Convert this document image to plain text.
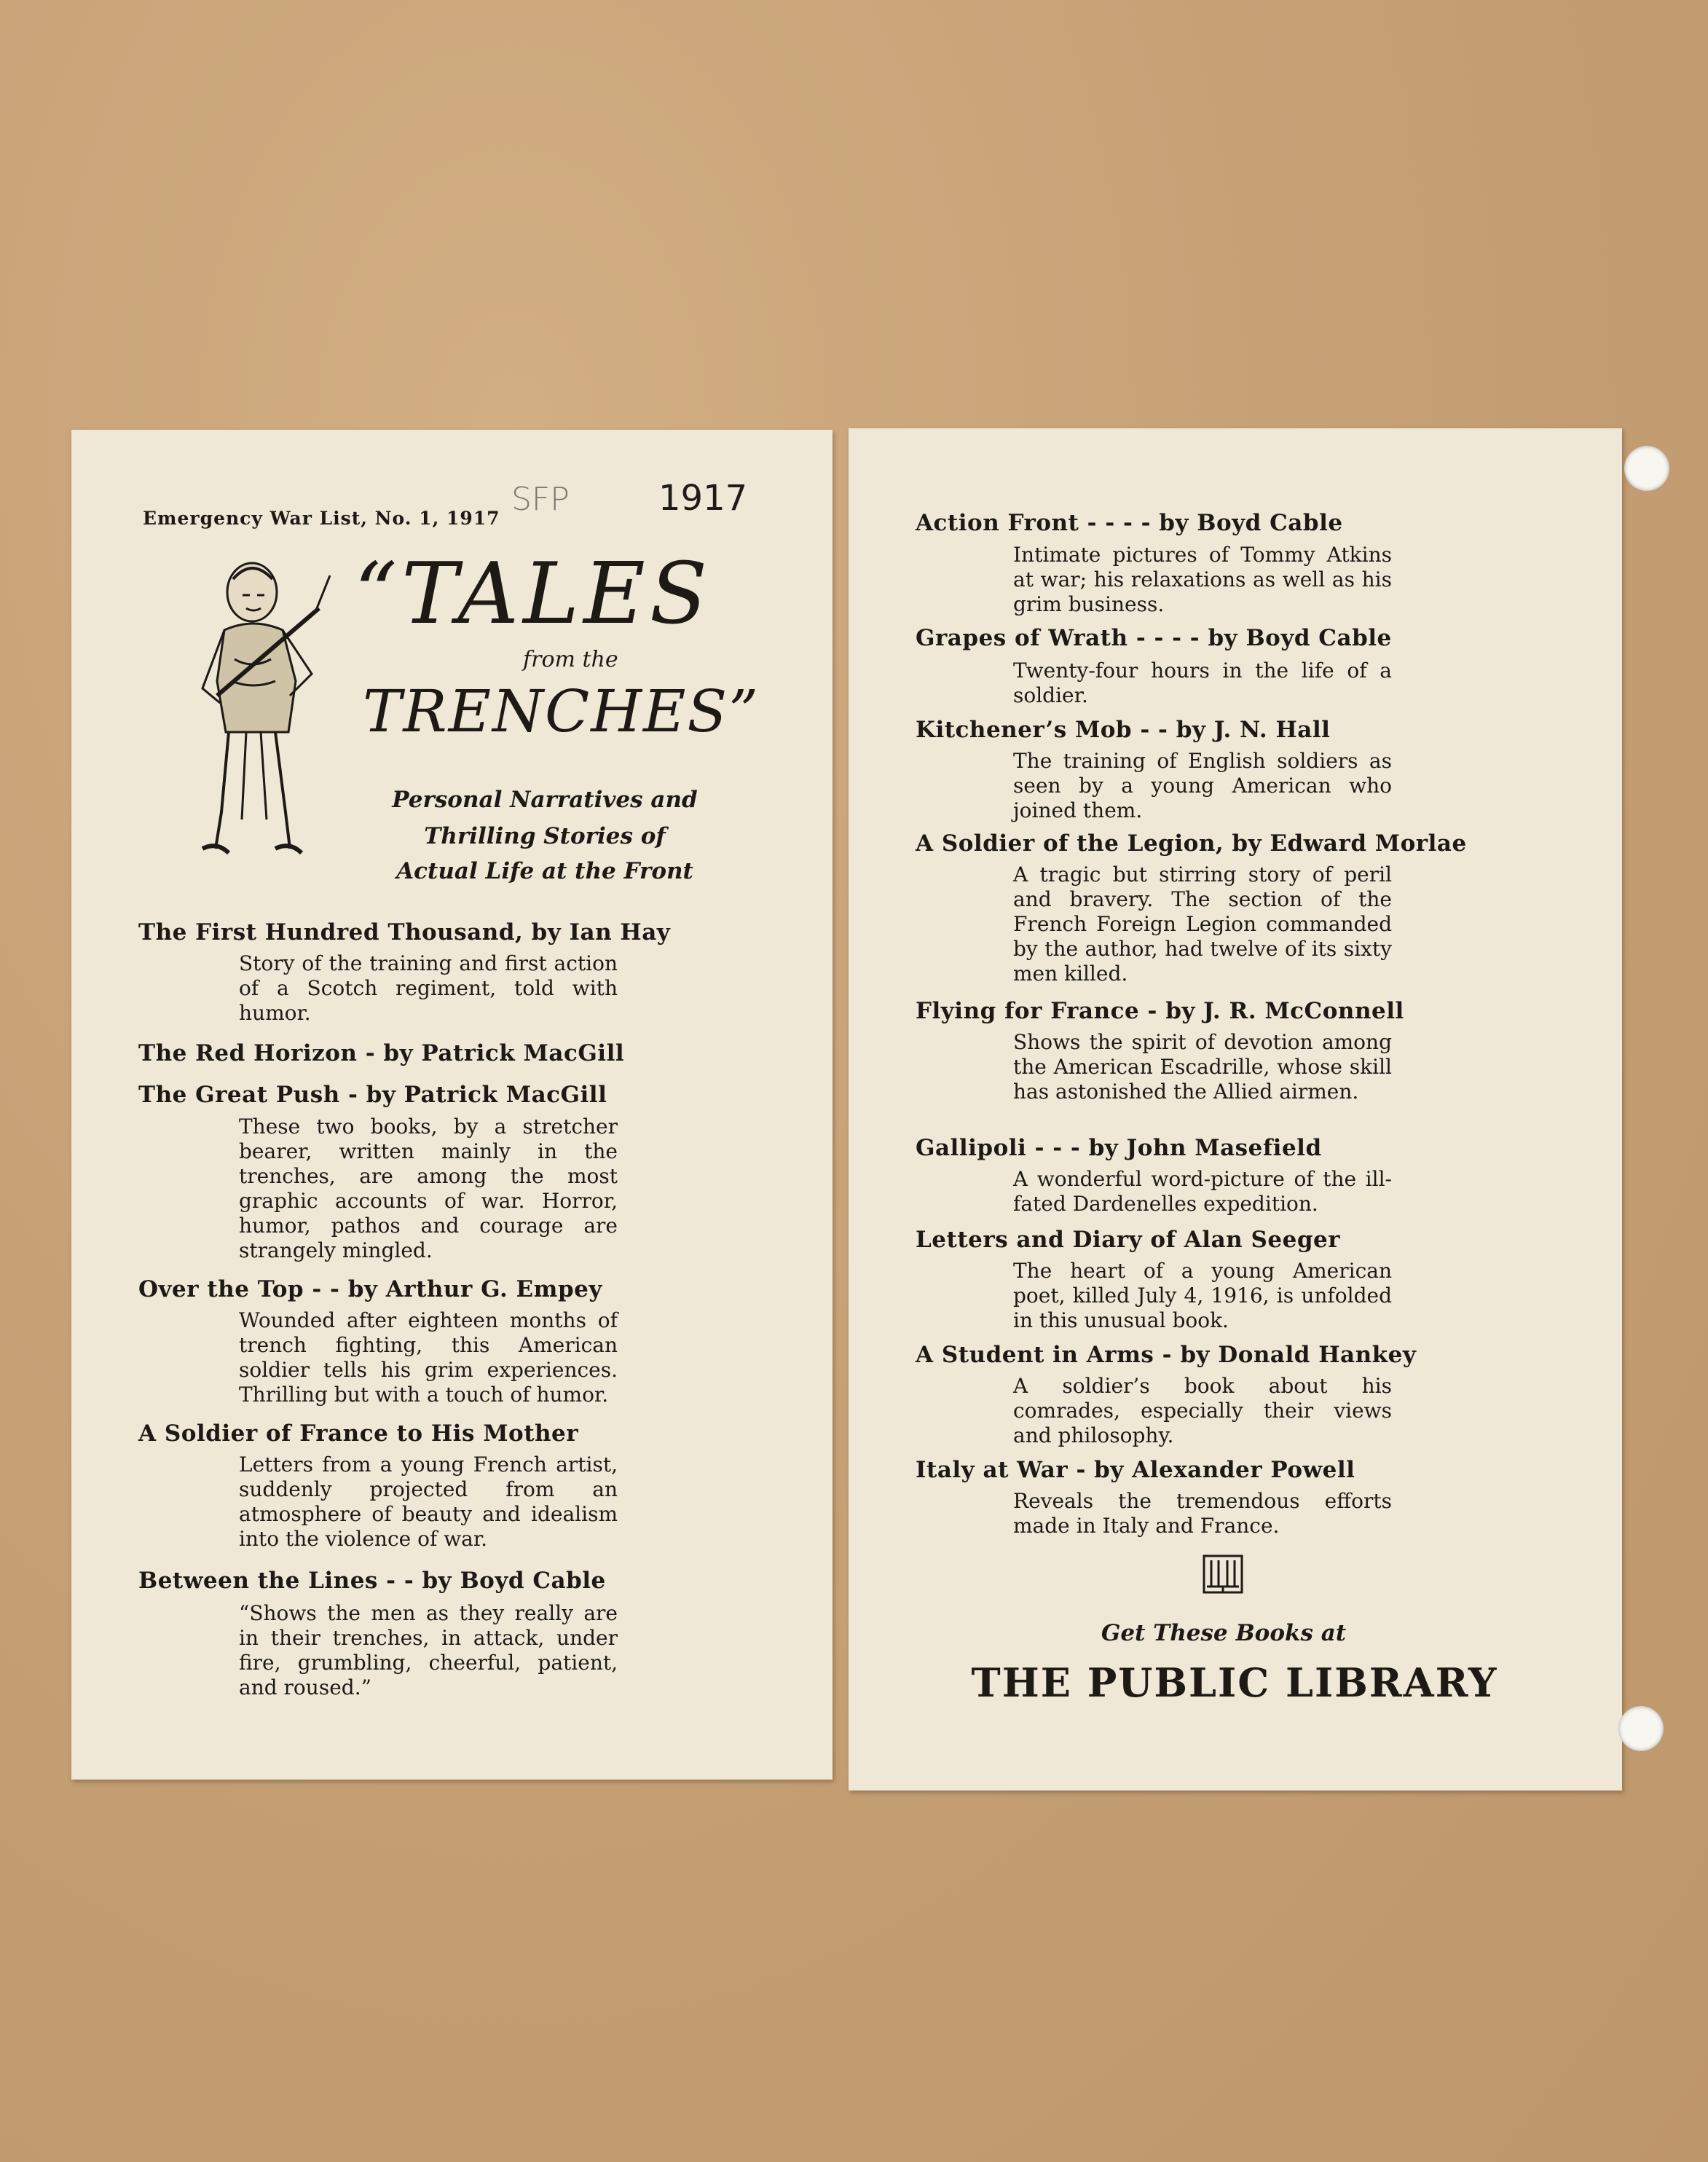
Emergency War List, No. 1, 1917
SFP	1917
“TALES
from the
TRENCHES”
Personal Narratives and
Thrilling Stories of
Actual Life at the Front
The First Hundred Thousand, by Ian Hay
Story of the training and first action of a Scotch regiment, told with humor.
The Red Horizon - by Patrick MacGill
The Great Push - by Patrick MacGill
These two books, by a stretcher bearer, written mainly in the trenches, are among the most graphic accounts of war. Horror, humor, pathos and courage are strangely mingled.
Over the Top - - by Arthur G. Empey
Wounded after eighteen months of trench fighting, this American soldier tells his grim experiences. Thrilling but with a touch of humor.
A Soldier of France to His Mother
Letters from a young French artist, suddenly projected from an atmosphere of beauty and idealism into the violence of war.
Between the Lines - - by Boyd Cable
“Shows the men as they really are in their trenches, in attack, under fire, grumbling, cheerful, patient, and roused.”
Action Front - - - - by Boyd Cable
Intimate pictures of Tommy Atkins at war; his relaxations as well as his grim business.
Grapes of Wrath - - - - by Boyd Cable
Twenty-four hours in the life of a soldier.
Kitchener’s Mob - - by J. N. Hall
The training of English soldiers as seen by a young American who joined them.
A Soldier of the Legion, by Edward Morlae
A tragic but stirring story of peril and bravery. The section of the French Foreign Legion commanded by the author, had twelve of its sixty men killed.
Flying for France - by J. R. McConnell
Shows the spirit of devotion among the American Escadrille, whose skill has astonished the Allied airmen.
Gallipoli - - - by John Masefield
A wonderful word-picture of the ill-fated Dardenelles expedition.
Letters and Diary of Alan Seeger
The heart of a young American poet, killed July 4, 1916, is unfolded in this unusual book.
A Student in Arms - by Donald Hankey
A soldier’s book about his comrades, especially their views and philosophy.
Italy at War - by Alexander Powell
Reveals the tremendous efforts made in Italy and France.
Get These Books at
THE PUBLIC LIBRARY
